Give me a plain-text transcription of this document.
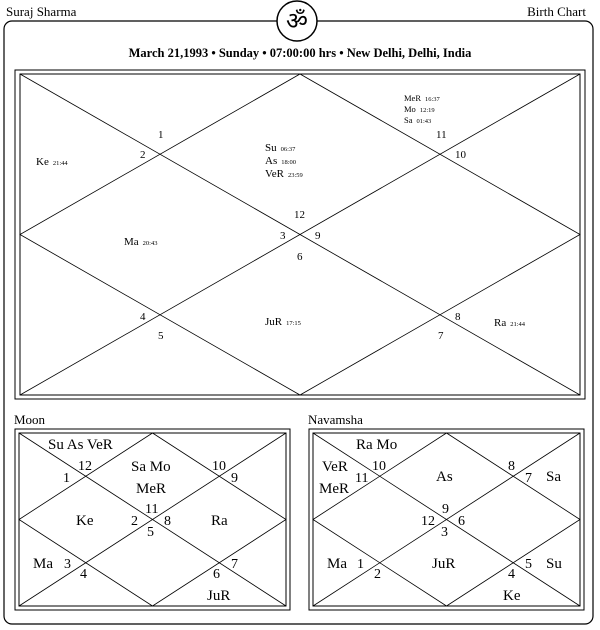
Suraj Sharma	Birth Chart
ॐ
March 21,1993 • Sunday • 07:00:00 hrs • New Delhi, Delhi, India
1
2
3
4
5
6
7
8
9
10
11
12
Ke 21:44
Su 06:37
As 18:00
VeR 23:59
MeR 16:37
Mo 12:19
Sa 01:43
Ma 20:43
JuR 17:15	Ra 21:44
Moon
12
1
10
9
11
2 8
5
3
4	6
7
Su As VeR
Sa Mo
MeR
Ke	Ra
Ma
JuR
Navamsha
10
11
8
7
9
12 6
3
1
2
5
4
Ra Mo
VeR
MeR
As	Sa
Ma	JuR	Su
Ke
